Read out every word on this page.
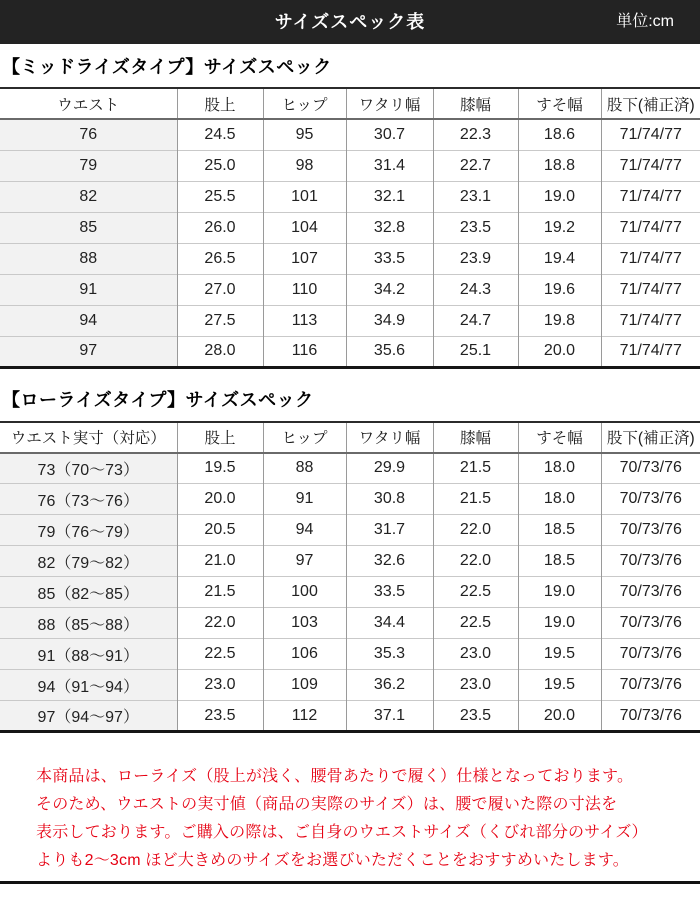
サイズスペック表	単位:cm
【ミッドライズタイプ】サイズスペック
ウエスト	股上	ヒップ	ワタリ幅	膝幅	すそ幅	股下(補正済)
76	24.5	95	30.7	22.3	18.6	71/74/77
79	25.0	98	31.4	22.7	18.8	71/74/77
82	25.5	101	32.1	23.1	19.0	71/74/77
85	26.0	104	32.8	23.5	19.2	71/74/77
88	26.5	107	33.5	23.9	19.4	71/74/77
91	27.0	110	34.2	24.3	19.6	71/74/77
94	27.5	113	34.9	24.7	19.8	71/74/77
97	28.0	116	35.6	25.1	20.0	71/74/77
【ローライズタイプ】サイズスペック
ウエスト実寸（対応）	股上	ヒップ	ワタリ幅	膝幅	すそ幅	股下(補正済)
73（70～73）	19.5	88	29.9	21.5	18.0	70/73/76
76（73～76）	20.0	91	30.8	21.5	18.0	70/73/76
79（76～79）	20.5	94	31.7	22.0	18.5	70/73/76
82（79～82）	21.0	97	32.6	22.0	18.5	70/73/76
85（82～85）	21.5	100	33.5	22.5	19.0	70/73/76
88（85～88）	22.0	103	34.4	22.5	19.0	70/73/76
91（88～91）	22.5	106	35.3	23.0	19.5	70/73/76
94（91～94）	23.0	109	36.2	23.0	19.5	70/73/76
97（94～97）	23.5	112	37.1	23.5	20.0	70/73/76
本商品は、ローライズ（股上が浅く、腰骨あたりで履く）仕様となっております。
そのため、ウエストの実寸値（商品の実際のサイズ）は、腰で履いた際の寸法を
表示しております。ご購入の際は、ご自身のウエストサイズ（くびれ部分のサイズ）
よりも2～3cm ほど大きめのサイズをお選びいただくことをおすすめいたします。
